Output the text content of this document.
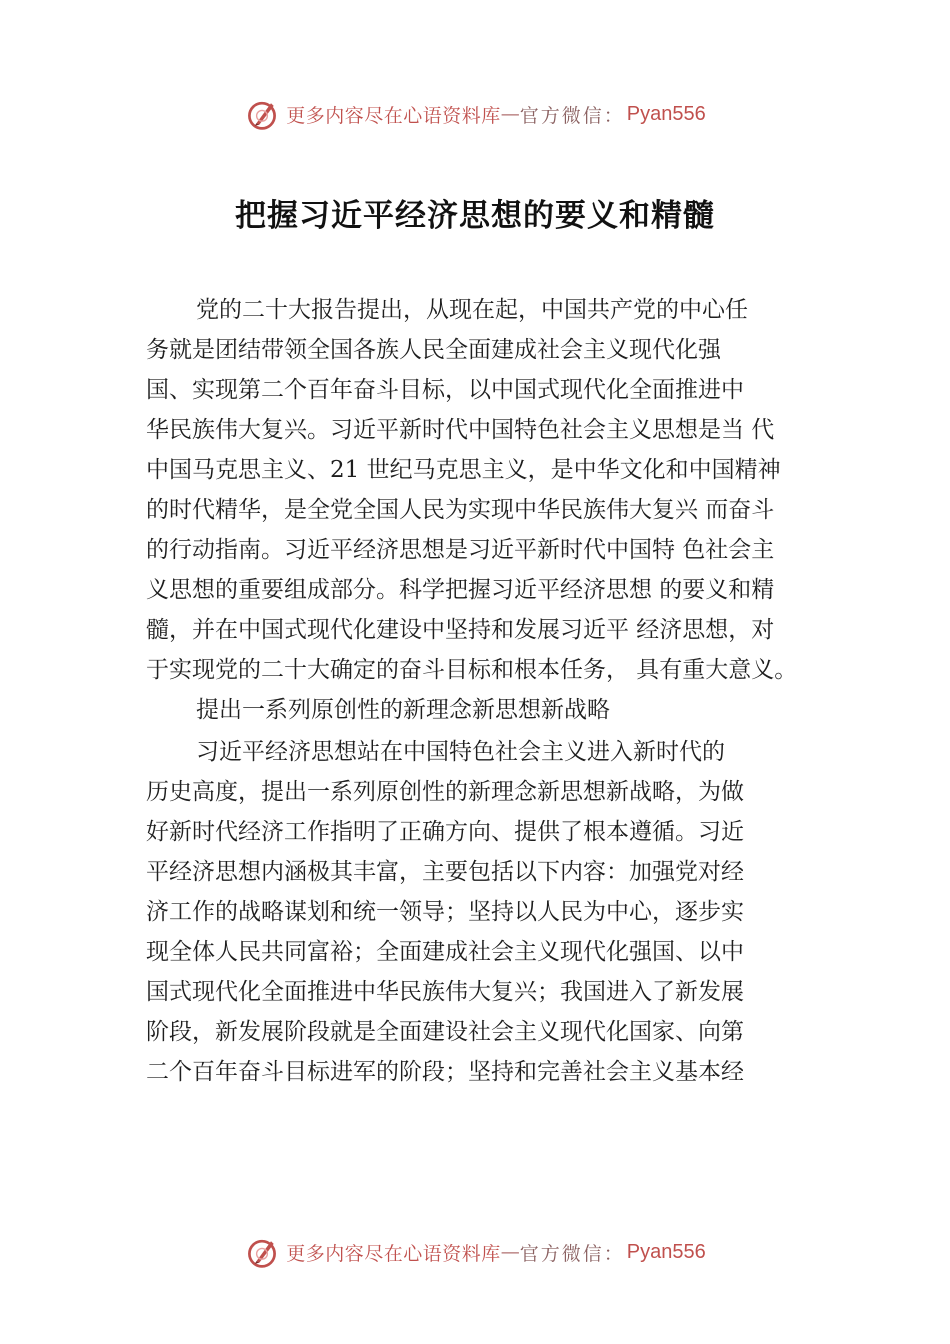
更多内容尽在心语资料库 — 官方微信： Pyan556
把握习近平经济思想的要义和精髓
党的二十大报告提出，从现在起，中国共产党的中心任
务就是团结带领全国各族人民全面建成社会主义现代化强
国、实现第二个百年奋斗目标，以中国式现代化全面推进中
华民族伟大复兴。习近平新时代中国特色社会主义思想是当 代
中国马克思主义、21 世纪马克思主义，是中华文化和中国精神
的时代精华，是全党全国人民为实现中华民族伟大复兴 而奋斗
的行动指南。习近平经济思想是习近平新时代中国特 色社会主
义思想的重要组成部分。科学把握习近平经济思想 的要义和精
髓，并在中国式现代化建设中坚持和发展习近平 经济思想，对
于实现党的二十大确定的奋斗目标和根本任务， 具有重大意义。
提出一系列原创性的新理念新思想新战略
习近平经济思想站在中国特色社会主义进入新时代的
历史高度，提出一系列原创性的新理念新思想新战略，为做
好新时代经济工作指明了正确方向、提供了根本遵循。习近
平经济思想内涵极其丰富，主要包括以下内容：加强党对经
济工作的战略谋划和统一领导；坚持以人民为中心，逐步实
现全体人民共同富裕；全面建成社会主义现代化强国、以中
国式现代化全面推进中华民族伟大复兴；我国进入了新发展
阶段，新发展阶段就是全面建设社会主义现代化国家、向第
二个百年奋斗目标进军的阶段；坚持和完善社会主义基本经
更多内容尽在心语资料库 — 官方微信： Pyan556
